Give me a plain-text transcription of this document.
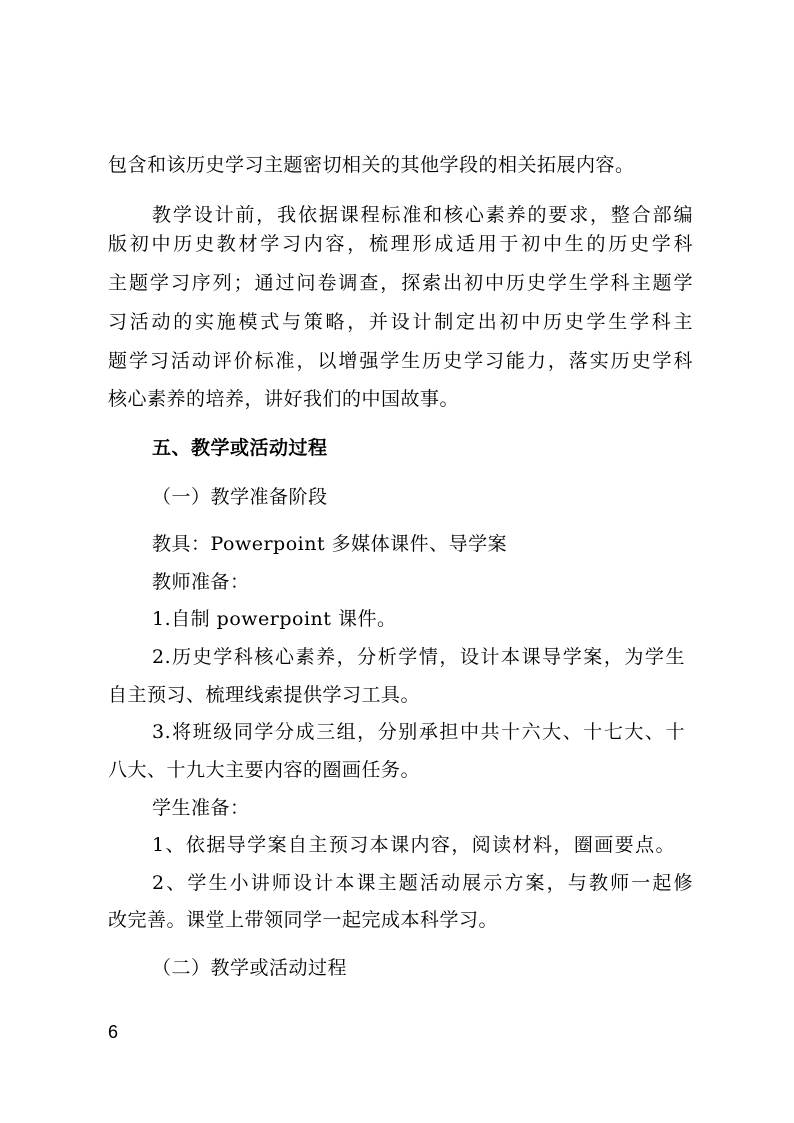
包含和该历史学习主题密切相关的其他学段的相关拓展内容。
教学设计前，我依据课程标准和核心素养的要求，整合部编
版初中历史教材学习内容，梳理形成适用于初中生的历史学科
主题学习序列；通过问卷调查，探索出初中历史学生学科主题学
习活动的实施模式与策略，并设计制定出初中历史学生学科主
题学习活动评价标准，以增强学生历史学习能力，落实历史学科
核心素养的培养，讲好我们的中国故事。
五、教学或活动过程
（一）教学准备阶段
教具：Powerpoint 多媒体课件、导学案
教师准备：
1.自制 powerpoint 课件。
2.历史学科核心素养，分析学情，设计本课导学案，为学生
自主预习、梳理线索提供学习工具。
3.将班级同学分成三组，分别承担中共十六大、十七大、十
八大、十九大主要内容的圈画任务。
学生准备：
1、依据导学案自主预习本课内容，阅读材料，圈画要点。
2、学生小讲师设计本课主题活动展示方案，与教师一起修
改完善。课堂上带领同学一起完成本科学习。
（二）教学或活动过程
6
